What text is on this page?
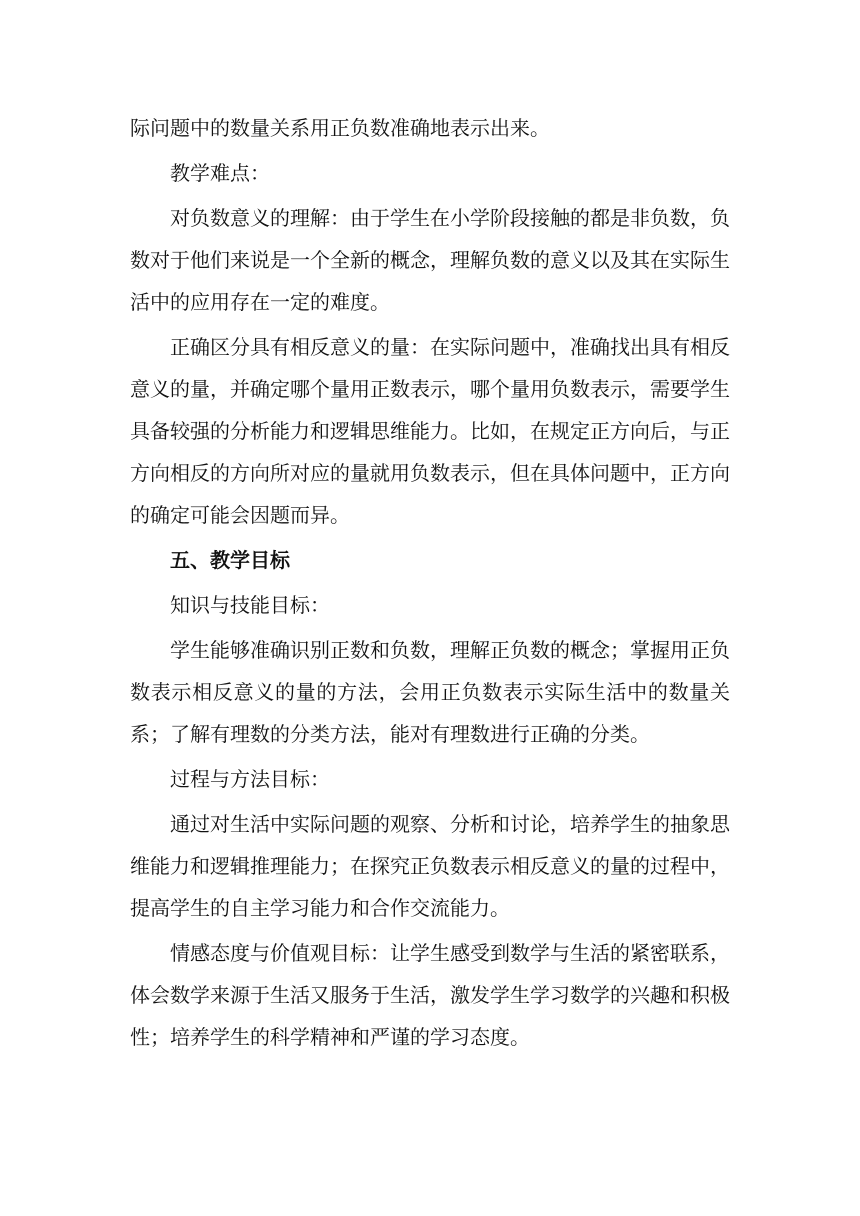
际问题中的数量关系用正负数准确地表示出来。

教学难点：

对负数意义的理解：由于学生在小学阶段接触的都是非负数，负数对于他们来说是一个全新的概念，理解负数的意义以及其在实际生活中的应用存在一定的难度。

正确区分具有相反意义的量：在实际问题中，准确找出具有相反意义的量，并确定哪个量用正数表示，哪个量用负数表示，需要学生具备较强的分析能力和逻辑思维能力。比如，在规定正方向后，与正方向相反的方向所对应的量就用负数表示，但在具体问题中，正方向的确定可能会因题而异。

五、教学目标

知识与技能目标：

学生能够准确识别正数和负数，理解正负数的概念；掌握用正负数表示相反意义的量的方法，会用正负数表示实际生活中的数量关系；了解有理数的分类方法，能对有理数进行正确的分类。

过程与方法目标：

通过对生活中实际问题的观察、分析和讨论，培养学生的抽象思维能力和逻辑推理能力；在探究正负数表示相反意义的量的过程中，提高学生的自主学习能力和合作交流能力。

情感态度与价值观目标：让学生感受到数学与生活的紧密联系，体会数学来源于生活又服务于生活，激发学生学习数学的兴趣和积极性；培养学生的科学精神和严谨的学习态度。
